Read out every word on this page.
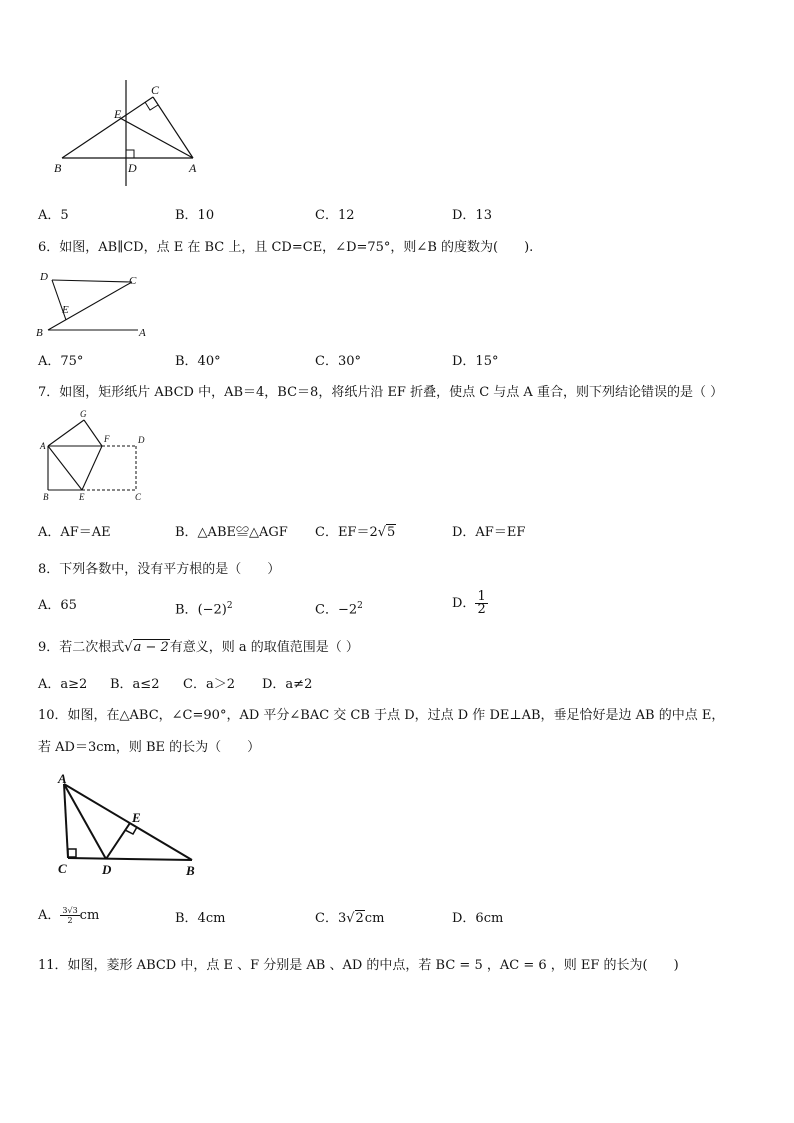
C
E
B	D	A
A．5	B．10	C．12	D．13
6．如图，AB∥CD，点 E 在 BC 上，且 CD=CE，∠D=75°，则∠B 的度数为(　　).
D	C
E
B	A
A．75°	B．40°	C．30°	D．15°
7．如图，矩形纸片 ABCD 中，AB＝4，BC＝8，将纸片沿 EF 折叠，使点 C 与点 A 重合，则下列结论错误的是（ ）
G
A
F	D
B	E	C
A．AF＝AE	B．△ABE≌△AGF C．EF＝2√5	D．AF＝EF
8．下列各数中，没有平方根的是（　　）
A．65	B．$(-2)^2$	C．$-2^2$	D． $\frac{1}{2}$
9．若二次根式√a − 2有意义，则 a 的取值范围是（ ）
A．a≥2 B．a≤2 C．a＞2 D．a≠2
10．如图，在△ABC，∠C=90°，AD 平分∠BAC 交 CB 于点 D，过点 D 作 DE⊥AB，垂足恰好是边 AB 的中点 E，
若 AD＝3cm，则 BE 的长为（　　）
A
E
C	D	B
A． $\frac{3√3}{2}$ cm	B．4cm	C．3√2cm	D．6cm
11．如图，菱形 ABCD 中，点 E 、F 分别是 AB 、AD 的中点，若 BC = 5 ，AC = 6 ，则 EF 的长为(　　)
